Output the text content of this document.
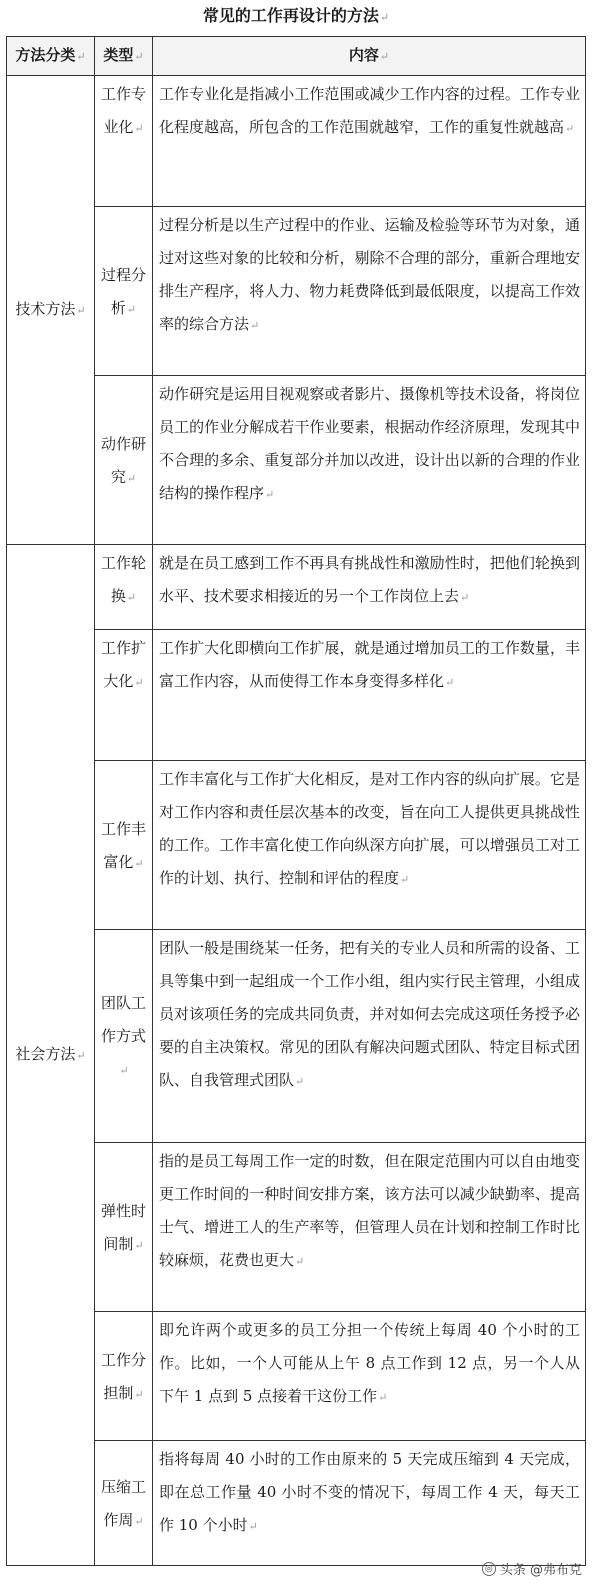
常见的工作再设计的方法↵
方法分类↵	类型↵	内容↵
技术方法↵	工作专业化↵	工作专业化是指减小工作范围或减少工作内容的过程。工作专业化程度越高，所包含的工作范围就越窄，工作的重复性就越高↵
	过程分析↵	过程分析是以生产过程中的作业、运输及检验等环节为对象，通过对这些对象的比较和分析，剔除不合理的部分，重新合理地安排生产程序，将人力、物力耗费降低到最低限度，以提高工作效率的综合方法↵
	动作研究↵	动作研究是运用目视观察或者影片、摄像机等技术设备，将岗位员工的作业分解成若干作业要素，根据动作经济原理，发现其中不合理的多余、重复部分并加以改进，设计出以新的合理的作业结构的操作程序↵
社会方法↵	工作轮换↵	就是在员工感到工作不再具有挑战性和激励性时，把他们轮换到水平、技术要求相接近的另一个工作岗位上去↵
	工作扩大化↵	工作扩大化即横向工作扩展，就是通过增加员工的工作数量，丰富工作内容，从而使得工作本身变得多样化↵
	工作丰富化↵	工作丰富化与工作扩大化相反，是对工作内容的纵向扩展。它是对工作内容和责任层次基本的改变，旨在向工人提供更具挑战性的工作。工作丰富化使工作向纵深方向扩展，可以增强员工对工作的计划、执行、控制和评估的程度↵
	团队工作方式↵	团队一般是围绕某一任务，把有关的专业人员和所需的设备、工具等集中到一起组成一个工作小组，组内实行民主管理，小组成员对该项任务的完成共同负责，并对如何去完成这项任务授予必要的自主决策权。常见的团队有解决问题式团队、特定目标式团队、自我管理式团队↵
	弹性时间制↵	指的是员工每周工作一定的时数，但在限定范围内可以自由地变更工作时间的一种时间安排方案，该方法可以减少缺勤率、提高士气、增进工人的生产率等，但管理人员在计划和控制工作时比较麻烦，花费也更大↵
	工作分担制↵	即允许两个或更多的员工分担一个传统上每周 40 个小时的工作。比如，一个人可能从上午 8 点工作到 12 点，另一个人从下午 1 点到 5 点接着干这份工作↵
	压缩工作周↵	指将每周 40 小时的工作由原来的 5 天完成压缩到 4 天完成，即在总工作量 40 小时不变的情况下，每周工作 4 天，每天工作 10 个小时↵
◎ 头条 @弗布克
